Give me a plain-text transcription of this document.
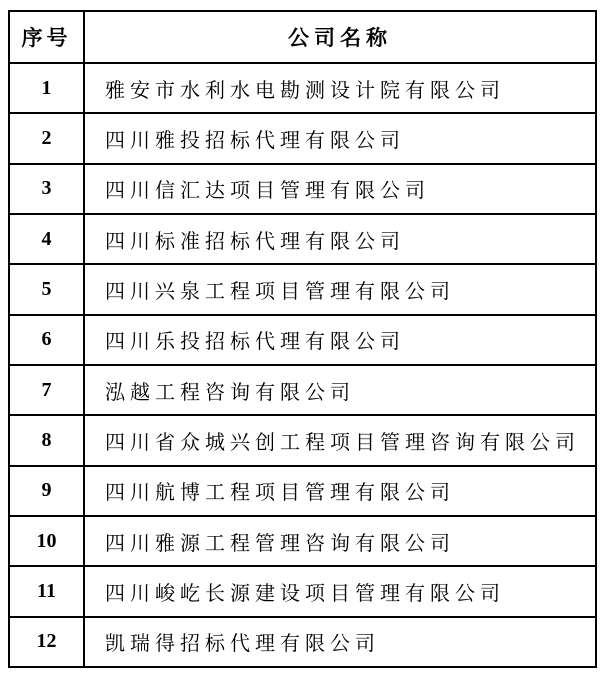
序号	公司名称
1	雅安市水利水电勘测设计院有限公司
2	四川雅投招标代理有限公司
3	四川信汇达项目管理有限公司
4	四川标准招标代理有限公司
5	四川兴泉工程项目管理有限公司
6	四川乐投招标代理有限公司
7	泓越工程咨询有限公司
8	四川省众城兴创工程项目管理咨询有限公司
9	四川航博工程项目管理有限公司
10	四川雅源工程管理咨询有限公司
11	四川峻屹长源建设项目管理有限公司
12	凯瑞得招标代理有限公司
